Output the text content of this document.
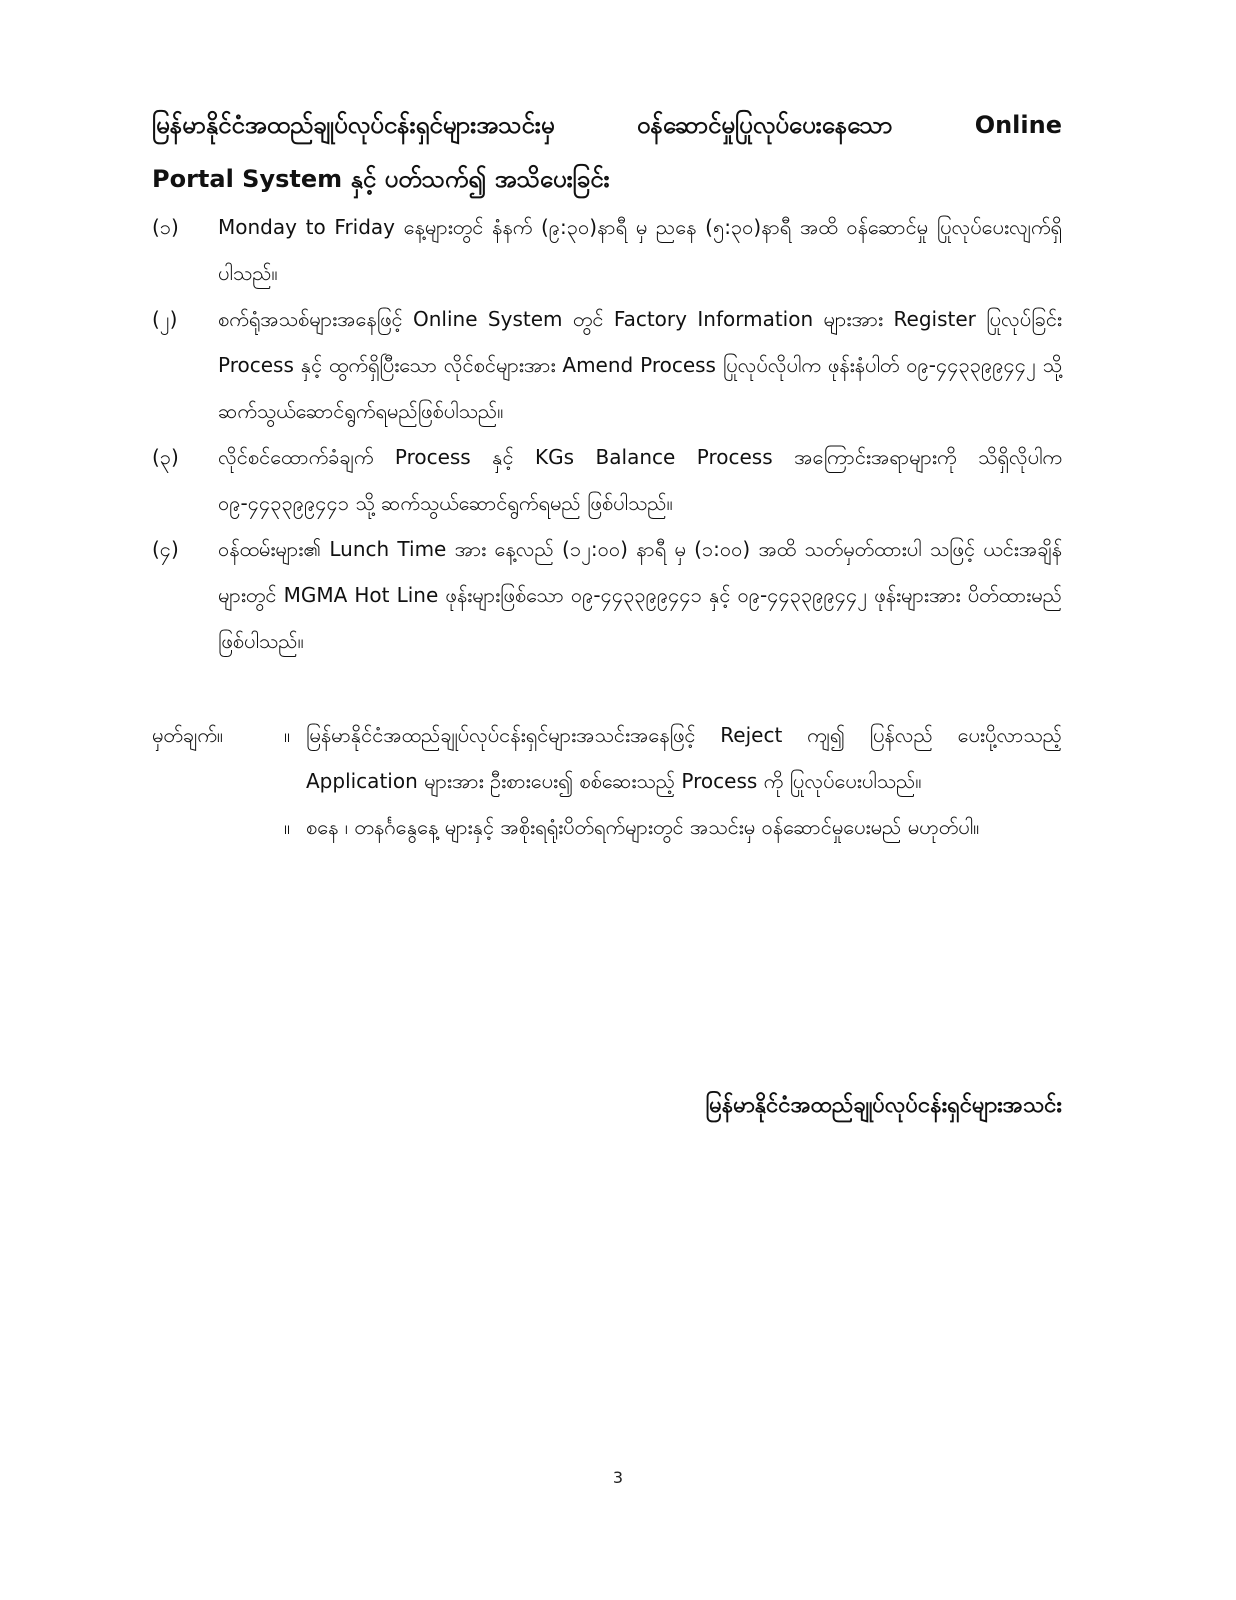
မြန်မာနိုင်ငံအထည်ချုပ်လုပ်ငန်းရှင်များအသင်းမှ ဝန်ဆောင်မှုပြုလုပ်ပေးနေသော Online
Portal System နှင့် ပတ်သက်၍ အသိပေးခြင်း
(၁)	Monday to Friday နေ့များတွင် နံနက် (၉:၃၀)နာရီ မှ ညနေ (၅:၃၀)နာရီ အထိ ဝန်ဆောင်မှု ပြုလုပ်ပေးလျက်ရှိပါသည်။
(၂)	စက်ရုံအသစ်များအနေဖြင့် Online System တွင် Factory Information များအား Register ပြုလုပ်ခြင်း Process နှင့် ထွက်ရှိပြီးသော လိုင်စင်များအား Amend Process ပြုလုပ်လိုပါက ဖုန်းနံပါတ် ၀၉-၄၄၃၃၉၉၄၄၂ သို့ ဆက်သွယ်ဆောင်ရွက်ရမည်ဖြစ်ပါသည်။
(၃)	လိုင်စင်ထောက်ခံချက် Process နှင့် KGs Balance Process အကြောင်းအရာများကို သိရှိလိုပါက ၀၉-၄၄၃၃၉၉၄၄၁ သို့ ဆက်သွယ်ဆောင်ရွက်ရမည် ဖြစ်ပါသည်။
(၄)	ဝန်ထမ်းများ၏ Lunch Time အား နေ့လည် (၁၂:၀၀) နာရီ မှ (၁:၀၀) အထိ သတ်မှတ်ထားပါ သဖြင့် ယင်းအချိန်များတွင် MGMA Hot Line ဖုန်းများဖြစ်သော ၀၉-၄၄၃၃၉၉၄၄၁ နှင့် ၀၉-၄၄၃၃၉၉၄၄၂ ဖုန်းများအား ပိတ်ထားမည်ဖြစ်ပါသည်။
မှတ်ချက်။	။ မြန်မာနိုင်ငံအထည်ချုပ်လုပ်ငန်းရှင်များအသင်းအနေဖြင့် Reject ကျ၍ ပြန်လည် ပေးပို့လာသည့် Application များအား ဦးစားပေး၍ စစ်ဆေးသည့် Process ကို ပြုလုပ်ပေးပါသည်။
။ စနေ ၊ တနင်္ဂနွေနေ့ များနှင့် အစိုးရရုံးပိတ်ရက်များတွင် အသင်းမှ ဝန်ဆောင်မှုပေးမည် မဟုတ်ပါ။
မြန်မာနိုင်ငံအထည်ချုပ်လုပ်ငန်းရှင်များအသင်း
3
